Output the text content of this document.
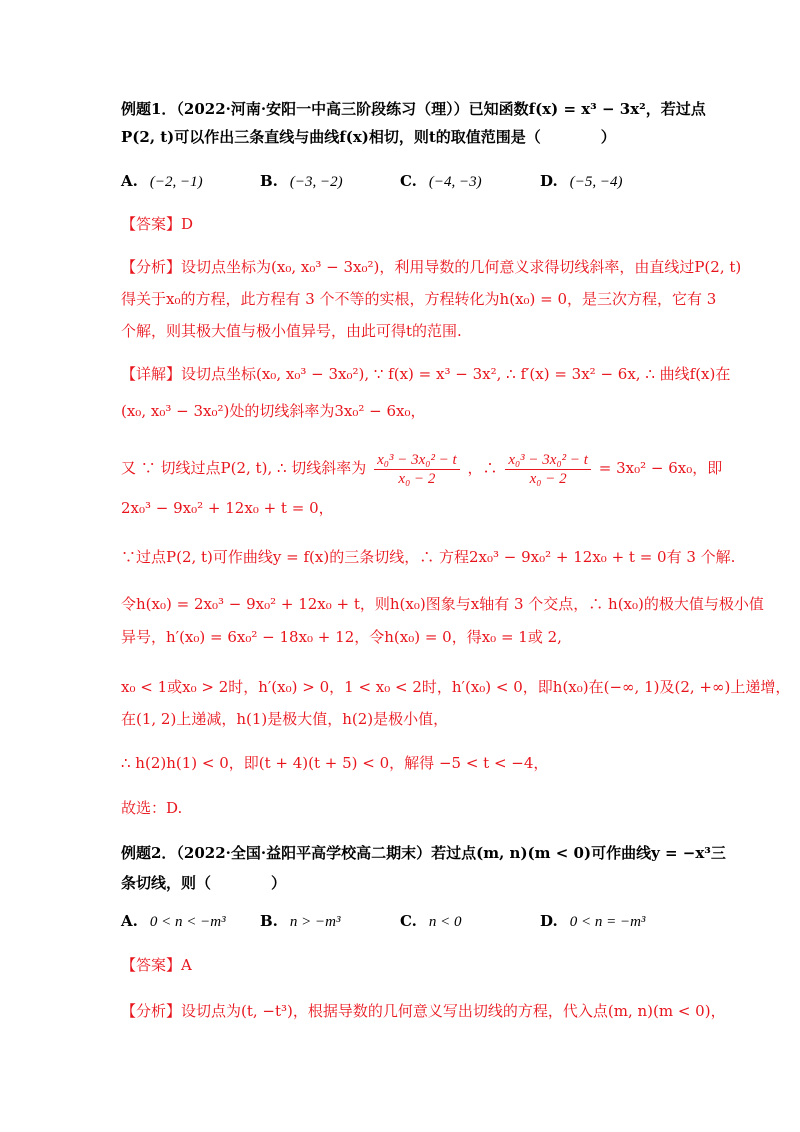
例题1．（2022·河南·安阳一中高三阶段练习（理））已知函数f(x) = x³ − 3x²，若过点
P(2, t)可以作出三条直线与曲线f(x)相切，则t的取值范围是（　　　　）
A. (−2, −1)	B. (−3, −2)	C. (−4, −3)	D. (−5, −4)
【答案】D
【分析】设切点坐标为(x₀, x₀³ − 3x₀²)，利用导数的几何意义求得切线斜率，由直线过P(2, t)
得关于x₀的方程，此方程有 3 个不等的实根，方程转化为h(x₀) = 0，是三次方程，它有 3
个解，则其极大值与极小值异号，由此可得t的范围.
【详解】设切点坐标(x₀, x₀³ − 3x₀²), ∵ f(x) = x³ − 3x², ∴ f′(x) = 3x² − 6x, ∴ 曲线f(x)在
(x₀, x₀³ − 3x₀²)处的切线斜率为3x₀² − 6x₀，
又 ∵ 切线过点P(2, t), ∴ 切线斜率为 $\frac{\text{x₀³ − 3x₀² − t}}{\text{x₀ − 2}}$ ，∴ $\frac{\text{x₀³ − 3x₀² − t}}{\text{x₀ − 2}} = 3x_0^2 - 6x_0$，即
2x₀³ − 9x₀² + 12x₀ + t = 0，
∵过点P(2, t)可作曲线y = f(x)的三条切线，∴ 方程2x₀³ − 9x₀² + 12x₀ + t = 0有 3 个解.
令h(x₀) = 2x₀³ − 9x₀² + 12x₀ + t，则h(x₀)图象与x轴有 3 个交点，∴ h(x₀)的极大值与极小值
异号，h′(x₀) = 6x₀² − 18x₀ + 12，令h(x₀) = 0，得x₀ = 1或 2,
x₀ < 1或x₀ > 2时，h′(x₀) > 0，1 < x₀ < 2时，h′(x₀) < 0，即h(x₀)在(−∞, 1)及(2, +∞)上递增，
在(1, 2)上递减，h(1)是极大值，h(2)是极小值，
∴ h(2)h(1) < 0，即(t + 4)(t + 5) < 0，解得 −5 < t < −4，
故选：D.
例题2．（2022·全国·益阳平高学校高二期末）若过点(m, n)(m < 0)可作曲线y = −x³三
条切线，则（　　　　）
A. 0 < n < −m³ B. n > −m³	C. n < 0	D. 0 < n = −m³
【答案】A
【分析】设切点为(t, −t³)，根据导数的几何意义写出切线的方程，代入点(m, n)(m < 0)，
